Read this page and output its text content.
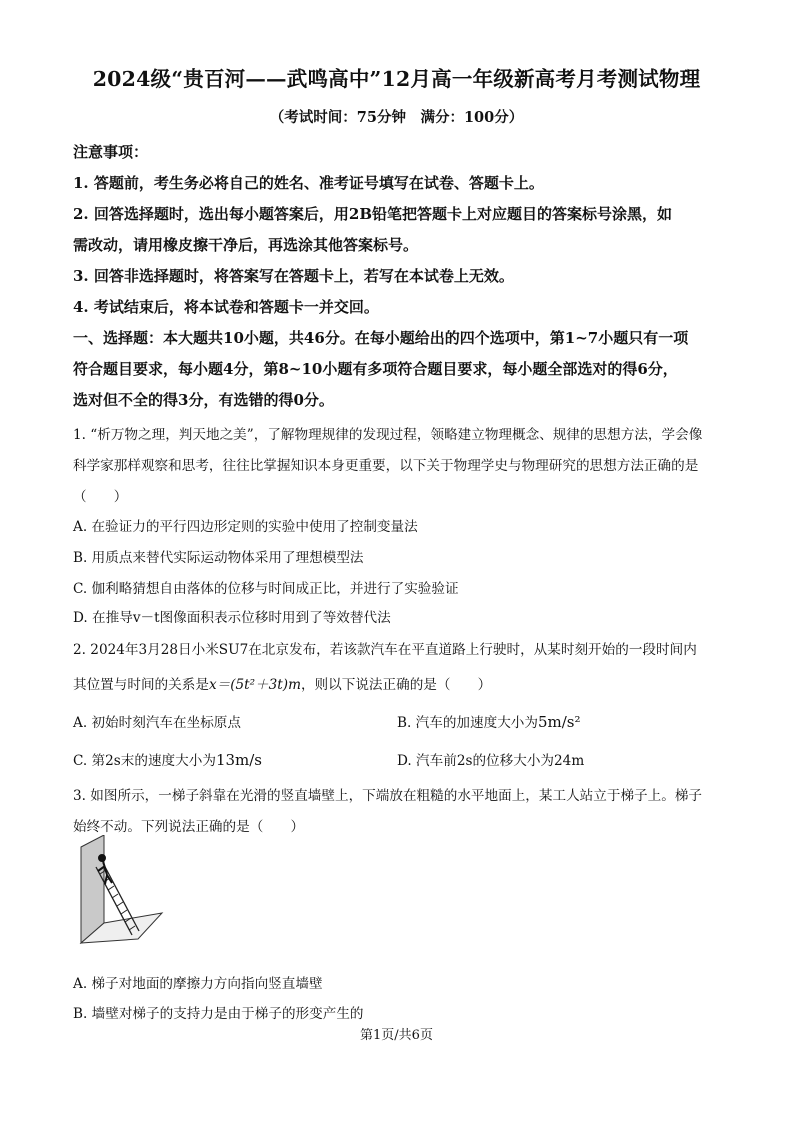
2024级“贵百河——武鸣高中”12月高一年级新高考月考测试物理
（考试时间：75分钟　满分：100分）
注意事项：
1. 答题前，考生务必将自己的姓名、准考证号填写在试卷、答题卡上。
2. 回答选择题时，选出每小题答案后，用2B铅笔把答题卡上对应题目的答案标号涂黑，如
需改动，请用橡皮擦干净后，再选涂其他答案标号。
3. 回答非选择题时，将答案写在答题卡上，若写在本试卷上无效。
4. 考试结束后，将本试卷和答题卡一并交回。
一、选择题：本大题共10小题，共46分。在每小题给出的四个选项中，第1~7小题只有一项
符合题目要求，每小题4分，第8~10小题有多项符合题目要求，每小题全部选对的得6分，
选对但不全的得3分，有选错的得0分。
1. “析万物之理，判天地之美”，了解物理规律的发现过程，领略建立物理概念、规律的思想方法，学会像
科学家那样观察和思考，往往比掌握知识本身更重要，以下关于物理学史与物理研究的思想方法正确的是
（　　）
A. 在验证力的平行四边形定则的实验中使用了控制变量法
B. 用质点来替代实际运动物体采用了理想模型法
C. 伽利略猜想自由落体的位移与时间成正比，并进行了实验验证
D. 在推导v－t图像面积表示位移时用到了等效替代法
2. 2024年3月28日小米SU7在北京发布，若该款汽车在平直道路上行驶时，从某时刻开始的一段时间内
其位置与时间的关系是x＝(5t²＋3t)m，则以下说法正确的是（　　）
A. 初始时刻汽车在坐标原点	B. 汽车的加速度大小为5m/s²
C. 第2s末的速度大小为13m/s	D. 汽车前2s的位移大小为24m
3. 如图所示，一梯子斜靠在光滑的竖直墙壁上，下端放在粗糙的水平地面上，某工人站立于梯子上。梯子
始终不动。下列说法正确的是（　　）
A. 梯子对地面的摩擦力方向指向竖直墙壁
B. 墙壁对梯子的支持力是由于梯子的形变产生的
第1页/共6页
